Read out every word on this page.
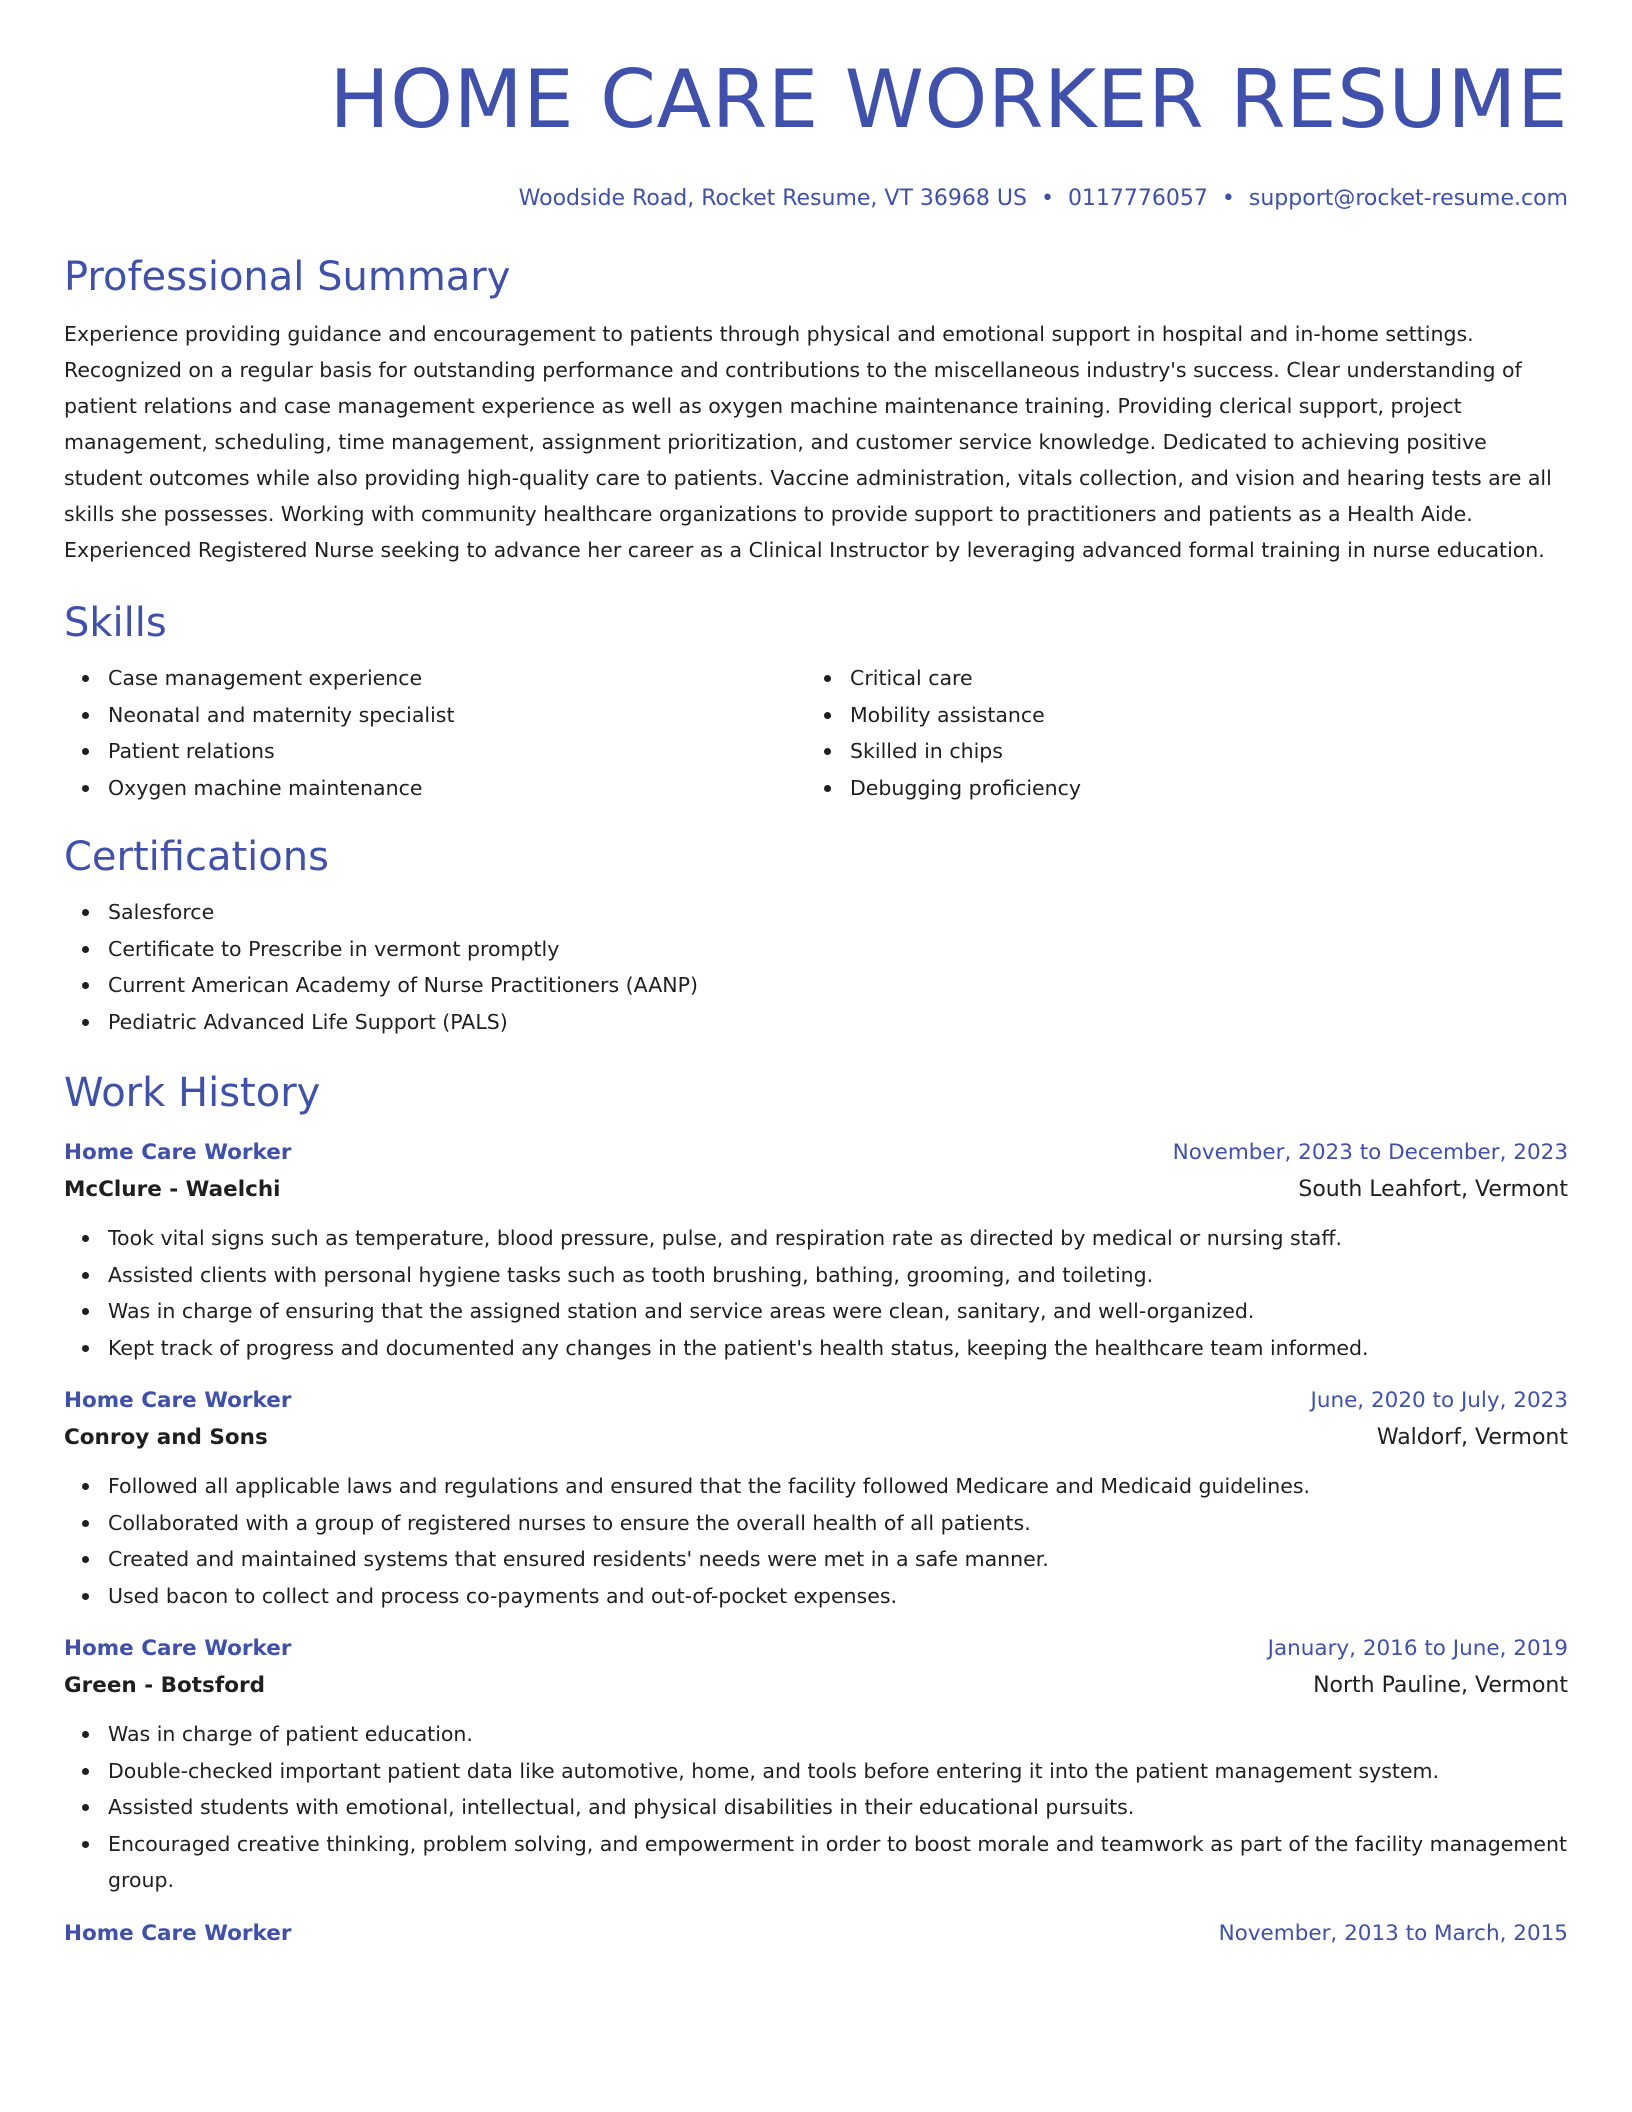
HOME CARE WORKER RESUME
Woodside Road, Rocket Resume, VT 36968 US • 0117776057 • support@rocket-resume.com
Professional Summary

Experience providing guidance and encouragement to patients through physical and emotional support in hospital and in-home settings. Recognized on a regular basis for outstanding performance and contributions to the miscellaneous industry's success. Clear understanding of patient relations and case management experience as well as oxygen machine maintenance training. Providing clerical support, project management, scheduling, time management, assignment prioritization, and customer service knowledge. Dedicated to achieving positive student outcomes while also providing high-quality care to patients. Vaccine administration, vitals collection, and vision and hearing tests are all skills she possesses. Working with community healthcare organizations to provide support to practitioners and patients as a Health Aide. Experienced Registered Nurse seeking to advance her career as a Clinical Instructor by leveraging advanced formal training in nurse education.

Skills
Case management experience
Neonatal and maternity specialist
Patient relations
Oxygen machine maintenance
Critical care
Mobility assistance
Skilled in chips
Debugging proficiency
Certifications
Salesforce
Certificate to Prescribe in vermont promptly
Current American Academy of Nurse Practitioners (AANP)
Pediatric Advanced Life Support (PALS)
Work History
Home Care Worker	November, 2023 to December, 2023
McClure - Waelchi	South Leahfort, Vermont
Took vital signs such as temperature, blood pressure, pulse, and respiration rate as directed by medical or nursing staff.
Assisted clients with personal hygiene tasks such as tooth brushing, bathing, grooming, and toileting.
Was in charge of ensuring that the assigned station and service areas were clean, sanitary, and well-organized.
Kept track of progress and documented any changes in the patient's health status, keeping the healthcare team informed.
Home Care Worker	June, 2020 to July, 2023
Conroy and Sons	Waldorf, Vermont
Followed all applicable laws and regulations and ensured that the facility followed Medicare and Medicaid guidelines.
Collaborated with a group of registered nurses to ensure the overall health of all patients.
Created and maintained systems that ensured residents' needs were met in a safe manner.
Used bacon to collect and process co-payments and out-of-pocket expenses.
Home Care Worker	January, 2016 to June, 2019
Green - Botsford	North Pauline, Vermont
Was in charge of patient education.
Double-checked important patient data like automotive, home, and tools before entering it into the patient management system.
Assisted students with emotional, intellectual, and physical disabilities in their educational pursuits.
Encouraged creative thinking, problem solving, and empowerment in order to boost morale and teamwork as part of the facility management group.
Home Care Worker	November, 2013 to March, 2015
